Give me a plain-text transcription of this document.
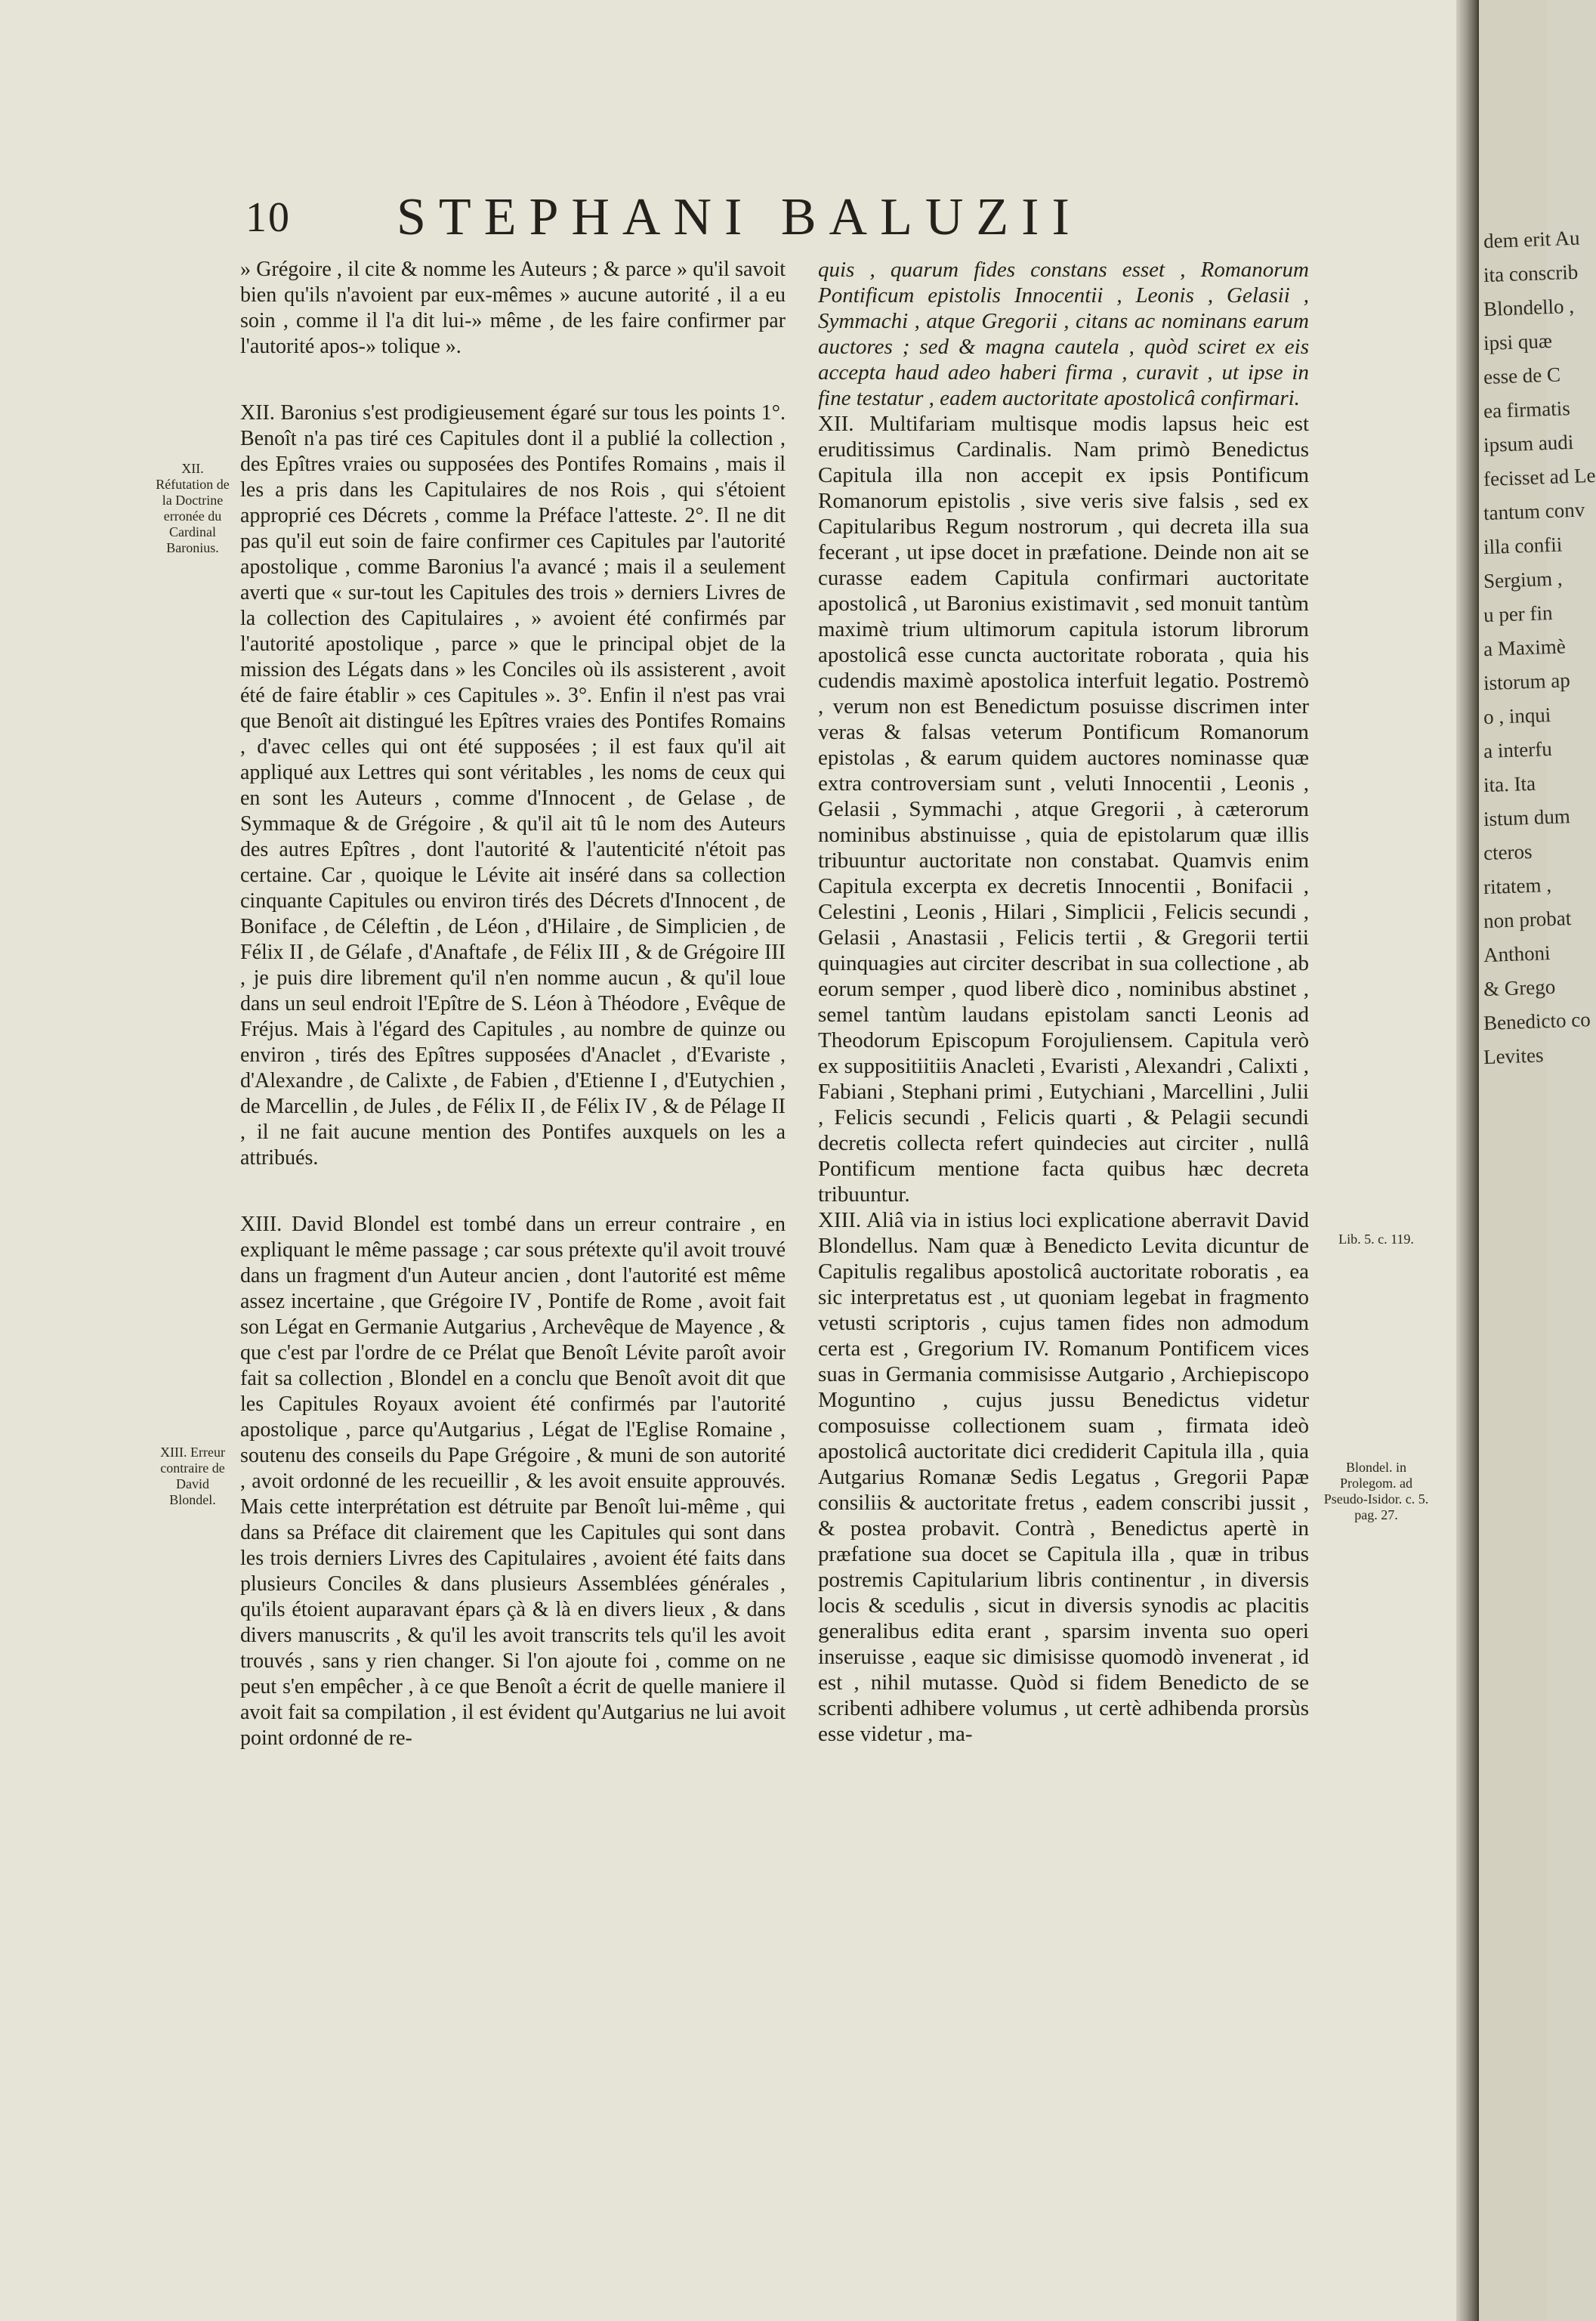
10 STEPHANI BALUZII
XII. Réfutation de la Doctrine erronée du Cardinal Baronius.
XIII. Erreur contraire de David Blondel.

» Grégoire , il cite & nomme les Auteurs ; & parce » qu'il savoit bien qu'ils n'avoient par eux-mêmes » aucune autorité , il a eu soin , comme il l'a dit lui-» même , de les faire confirmer par l'autorité apos-» tolique ».

XII. Baronius s'est prodigieusement égaré sur tous les points 1°. Benoît n'a pas tiré ces Capitules dont il a publié la collection , des Epîtres vraies ou supposées des Pontifes Romains , mais il les a pris dans les Capitulaires de nos Rois , qui s'étoient approprié ces Décrets , comme la Préface l'atteste. 2°. Il ne dit pas qu'il eut soin de faire confirmer ces Capitules par l'autorité apostolique , comme Baronius l'a avancé ; mais il a seulement averti que « sur-tout les Capitules des trois » derniers Livres de la collection des Capitulaires , » avoient été confirmés par l'autorité apostolique , parce » que le principal objet de la mission des Légats dans » les Conciles où ils assisterent , avoit été de faire établir » ces Capitules ». 3°. Enfin il n'est pas vrai que Benoît ait distingué les Epîtres vraies des Pontifes Romains , d'avec celles qui ont été supposées ; il est faux qu'il ait appliqué aux Lettres qui sont véritables , les noms de ceux qui en sont les Auteurs , comme d'Innocent , de Gelase , de Symmaque & de Grégoire , & qu'il ait tû le nom des Auteurs des autres Epîtres , dont l'autorité & l'autenticité n'étoit pas certaine. Car , quoique le Lévite ait inséré dans sa collection cinquante Capitules ou environ tirés des Décrets d'Innocent , de Boniface , de Céleftin , de Léon , d'Hilaire , de Simplicien , de Félix II , de Gélafe , d'Anaftafe , de Félix III , & de Grégoire III , je puis dire librement qu'il n'en nomme aucun , & qu'il loue dans un seul endroit l'Epître de S. Léon à Théodore , Evêque de Fréjus. Mais à l'égard des Capitules , au nombre de quinze ou environ , tirés des Epîtres supposées d'Anaclet , d'Evariste , d'Alexandre , de Calixte , de Fabien , d'Etienne I , d'Eutychien , de Marcellin , de Jules , de Félix II , de Félix IV , & de Pélage II , il ne fait aucune mention des Pontifes auxquels on les a attribués.

XIII. David Blondel est tombé dans un erreur contraire , en expliquant le même passage ; car sous prétexte qu'il avoit trouvé dans un fragment d'un Auteur ancien , dont l'autorité est même assez incertaine , que Grégoire IV , Pontife de Rome , avoit fait son Légat en Germanie Autgarius , Archevêque de Mayence , & que c'est par l'ordre de ce Prélat que Benoît Lévite paroît avoir fait sa collection , Blondel en a conclu que Benoît avoit dit que les Capitules Royaux avoient été confirmés par l'autorité apostolique , parce qu'Autgarius , Légat de l'Eglise Romaine , soutenu des conseils du Pape Grégoire , & muni de son autorité , avoit ordonné de les recueillir , & les avoit ensuite approuvés. Mais cette interprétation est détruite par Benoît lui-même , qui dans sa Préface dit clairement que les Capitules qui sont dans les trois derniers Livres des Capitulaires , avoient été faits dans plusieurs Conciles & dans plusieurs Assemblées générales , qu'ils étoient auparavant épars çà & là en divers lieux , & dans divers manuscrits , & qu'il les avoit transcrits tels qu'il les avoit trouvés , sans y rien changer. Si l'on ajoute foi , comme on ne peut s'en empêcher , à ce que Benoît a écrit de quelle maniere il avoit fait sa compilation , il est évident qu'Autgarius ne lui avoit point ordonné de re-

quis , quarum fides constans esset , Romanorum Pontificum epistolis Innocentii , Leonis , Gelasii , Symmachi , atque Gregorii , citans ac nominans earum auctores ; sed & magna cautela , quòd sciret ex eis accepta haud adeo haberi firma , curavit , ut ipse in fine testatur , eadem auctoritate apostolicâ confirmari.

XII. Multifariam multisque modis lapsus heic est eruditissimus Cardinalis. Nam primò Benedictus Capitula illa non accepit ex ipsis Pontificum Romanorum epistolis , sive veris sive falsis , sed ex Capitularibus Regum nostrorum , qui decreta illa sua fecerant , ut ipse docet in præfatione. Deinde non ait se curasse eadem Capitula confirmari auctoritate apostolicâ , ut Baronius existimavit , sed monuit tantùm maximè trium ultimorum capitula istorum librorum apostolicâ esse cuncta auctoritate roborata , quia his cudendis maximè apostolica interfuit legatio. Postremò , verum non est Benedictum posuisse discrimen inter veras & falsas veterum Pontificum Romanorum epistolas , & earum quidem auctores nominasse quæ extra controversiam sunt , veluti Innocentii , Leonis , Gelasii , Symmachi , atque Gregorii , à cæterorum nominibus abstinuisse , quia de epistolarum quæ illis tribuuntur auctoritate non constabat. Quamvis enim Capitula excerpta ex decretis Innocentii , Bonifacii , Celestini , Leonis , Hilari , Simplicii , Felicis secundi , Gelasii , Anastasii , Felicis tertii , & Gregorii tertii quinquagies aut circiter describat in sua collectione , ab eorum semper , quod liberè dico , nominibus abstinet , semel tantùm laudans epistolam sancti Leonis ad Theodorum Episcopum Forojuliensem. Capitula verò ex suppositiitiis Anacleti , Evaristi , Alexandri , Calixti , Fabiani , Stephani primi , Eutychiani , Marcellini , Julii , Felicis secundi , Felicis quarti , & Pelagii secundi decretis collecta refert quindecies aut circiter , nullâ Pontificum mentione facta quibus hæc decreta tribuuntur.

XIII. Aliâ via in istius loci explicatione aberravit David Blondellus. Nam quæ à Benedicto Levita dicuntur de Capitulis regalibus apostolicâ auctoritate roboratis , ea sic interpretatus est , ut quoniam legebat in fragmento vetusti scriptoris , cujus tamen fides non admodum certa est , Gregorium IV. Romanum Pontificem vices suas in Germania commisisse Autgario , Archiepiscopo Moguntino , cujus jussu Benedictus videtur composuisse collectionem suam , firmata ideò apostolicâ auctoritate dici crediderit Capitula illa , quia Autgarius Romanæ Sedis Legatus , Gregorii Papæ consiliis & auctoritate fretus , eadem conscribi jussit , & postea probavit. Contrà , Benedictus apertè in præfatione sua docet se Capitula illa , quæ in tribus postremis Capitularium libris continentur , in diversis locis & scedulis , sicut in diversis synodis ac placitis generalibus edita erant , sparsim inventa suo operi inseruisse , eaque sic dimisisse quomodò invenerat , id est , nihil mutasse. Quòd si fidem Benedicto de se scribenti adhibere volumus , ut certè adhibenda prorsùs esse videtur , ma-

Lib. 5. c. 119.
Blondel. in Prolegom. ad Pseudo-Isidor. c. 5. pag. 27.

dem erit Au

ita conscrib

Blondello ,

ipsi quæ

esse de C

ea firmatis

ipsum audi

fecisset ad Le

tantum conv

illa confii

Sergium ,

u per fin

a Maximè

istorum ap

o , inqui

a interfu

ita. Ita

istum dum

cteros

ritatem ,

non probat

Anthoni

& Grego

Benedicto co

Levites
